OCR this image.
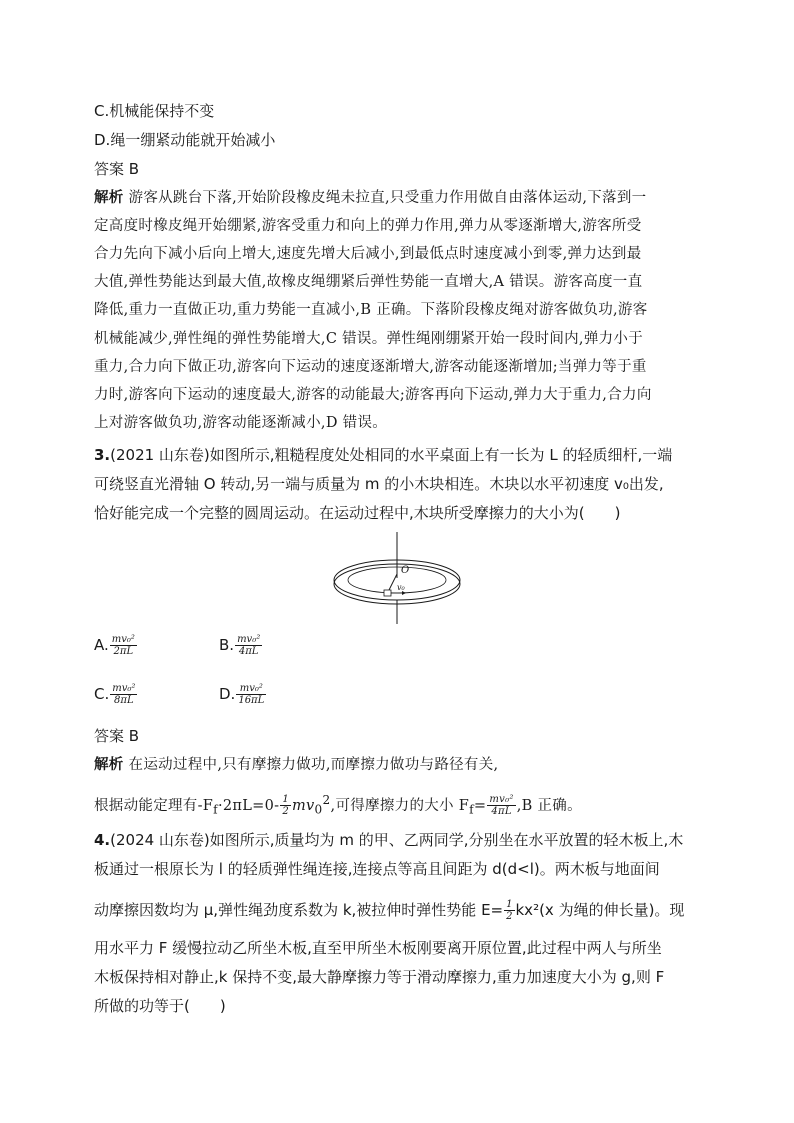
C.机械能保持不变
D.绳一绷紧动能就开始减小
答案 B
解析 游客从跳台下落,开始阶段橡皮绳未拉直,只受重力作用做自由落体运动,下落到一
定高度时橡皮绳开始绷紧,游客受重力和向上的弹力作用,弹力从零逐渐增大,游客所受
合力先向下减小后向上增大,速度先增大后减小,到最低点时速度减小到零,弹力达到最
大值,弹性势能达到最大值,故橡皮绳绷紧后弹性势能一直增大,A 错误。游客高度一直
降低,重力一直做正功,重力势能一直减小,B 正确。下落阶段橡皮绳对游客做负功,游客
机械能减少,弹性绳的弹性势能增大,C 错误。弹性绳刚绷紧开始一段时间内,弹力小于
重力,合力向下做正功,游客向下运动的速度逐渐增大,游客动能逐渐增加;当弹力等于重
力时,游客向下运动的速度最大,游客的动能最大;游客再向下运动,弹力大于重力,合力向
上对游客做负功,游客动能逐渐减小,D 错误。
3.(2021 山东卷)如图所示,粗糙程度处处相同的水平桌面上有一长为 L 的轻质细杆,一端
可绕竖直光滑轴 O 转动,另一端与质量为 m 的小木块相连。木块以水平初速度 v₀出发,
恰好能完成一个完整的圆周运动。在运动过程中,木块所受摩擦力的大小为(　　)
O
v₀
A. $\frac{\text{mv₀²}}{2\pi L}$	B. $\frac{\text{mv₀²}}{4\pi L}$
C. $\frac{\text{mv₀²}}{8\pi L}$	D. $\frac{\text{mv₀²}}{16\pi L}$
答案 B
解析 在运动过程中,只有摩擦力做功,而摩擦力做功与路径有关,
根据动能定理有$-F_f\cdot 2\pi L=0- \frac{1}{2} mv_0^2$,可得摩擦力的大小 $F_f= \frac{\text{mv₀²}}{4\pi L} ,B$ 正确。
4.(2024 山东卷)如图所示,质量均为 m 的甲、乙两同学,分别坐在水平放置的轻木板上,木
板通过一根原长为 l 的轻质弹性绳连接,连接点等高且间距为 d(d<l)。两木板与地面间
动摩擦因数均为 μ,弹性绳劲度系数为 k,被拉伸时弹性势能 $E= \frac{1}{2} kx^2(x$ 为绳的伸长量)。现
用水平力 F 缓慢拉动乙所坐木板,直至甲所坐木板刚要离开原位置,此过程中两人与所坐
木板保持相对静止,k 保持不变,最大静摩擦力等于滑动摩擦力,重力加速度大小为 g,则 F
所做的功等于(　　)
